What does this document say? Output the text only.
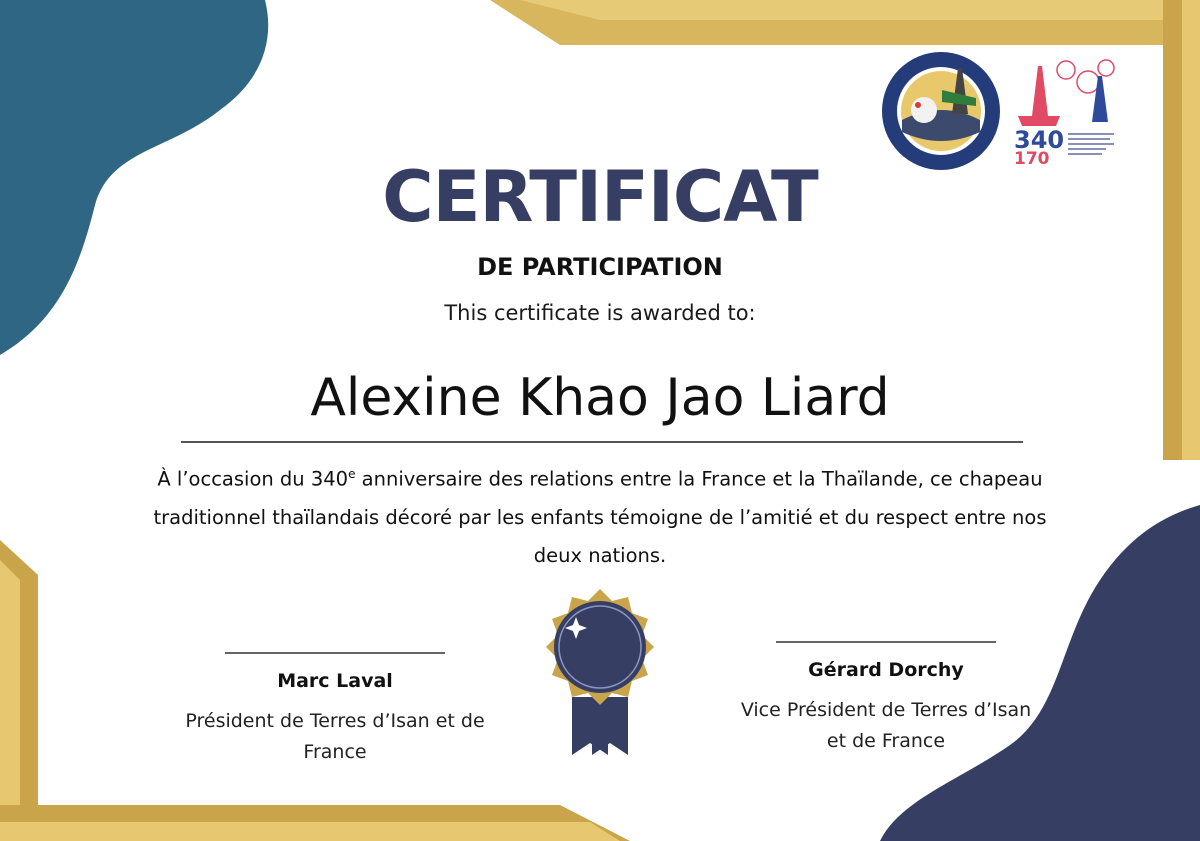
340
170
CERTIFICAT
DE PARTICIPATION
This certificate is awarded to:
Alexine Khao Jao Liard
À l’occasion du 340e anniversaire des relations entre la France et la Thaïlande, ce chapeau traditionnel thaïlandais décoré par les enfants témoigne de l’amitié et du respect entre nos deux nations.
Marc Laval
Président de Terres d’Isan et de France
Gérard Dorchy
Vice Président de Terres d’Isan et de France
